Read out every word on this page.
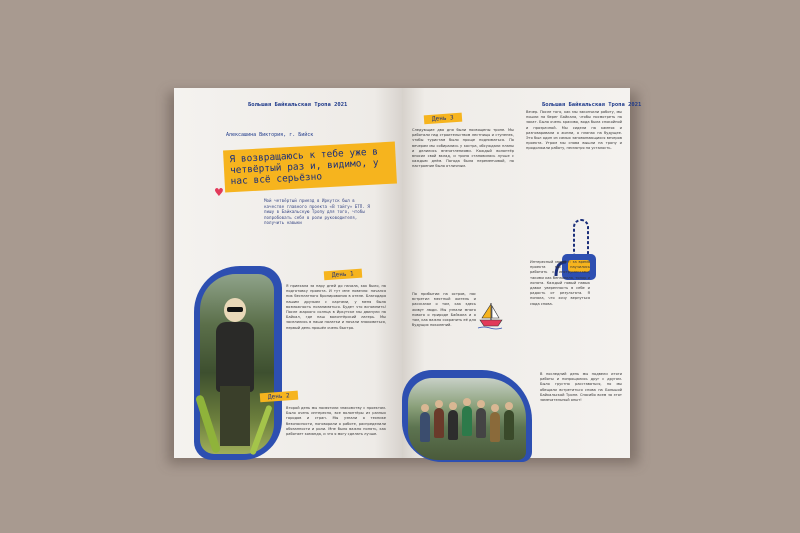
Большая Байкальская Тропа 2021
Алексашина Виктория, г. Бийск
Я возвращаюсь к тебе уже в четвёртый раз и, видимо, у нас всё серьёзно
♥
Мой четвёртый приезд в Иркутск был в качестве главного проекта «В тайгу» БТП. Я пишу в Байкальскую Тропу для того, чтобы попробовать себя в роли руководителя, получить навыки
День 1
Я приехала за пару дней до начала, как было, на подготовку проекта. И тут мне повезло: начался пик бесплатного бронирования в отеле. Благодаря нашим друзьям с картами, у меня была возможность позаниматься. Будет что вспомнить! После жаркого солнца в Иркутске мы двинули на Байкал, где наш волонтёрский лагерь. Мы заселились в наши палатки и начали знакомиться, первый день прошёл очень быстро.
День 2
Второй день мы посвятили знакомству с проектом. Было очень интересно, все волонтёры из разных городов и стран. Мы узнали о технике безопасности, поговорили о работе, распределили обязанности и роли. Мне было важно понять, как работает команда, и что я могу сделать лучше.
Большая Байкальская Тропа 2021
День 3
Следующие два дня были посвящены тропе. Мы работали над строительством лестницы и ступенек, чтобы туристам было проще подниматься. По вечерам мы собирались у костра, обсуждали планы и делились впечатлениями. Каждый волонтёр вносил свой вклад, и тропа становилась лучше с каждым днём. Погода была переменчивой, но настроение было отличным.
По прибытии на остров, нас встретил местный житель и рассказал о том, как здесь живут люди. Мы узнали много нового о природе Байкала и о том, как важно сохранить её для будущих поколений.
Вечер. После того, как мы закончили работу, мы пошли на берег Байкала, чтобы посмотреть на закат. Было очень красиво, вода была спокойной и прозрачной. Мы сидели на камнях и разговаривали о жизни, о планах на будущее. Это был один из самых запоминающихся вечеров проекта. Утром мы снова вышли на тропу и продолжили работу, несмотря на усталость.
Интересный момент: за время проекта мы научились работать с инструментами, такими как бензопила, топор и лопата. Каждый новый навык давал уверенность в себе и радость от результата. Я поняла, что хочу вернуться сюда снова.
В последний день мы подвели итоги работы и попрощались друг с другом. Было грустно расставаться, но мы обещали встретиться снова на Большой Байкальской Тропе. Спасибо всем за этот замечательный опыт!
